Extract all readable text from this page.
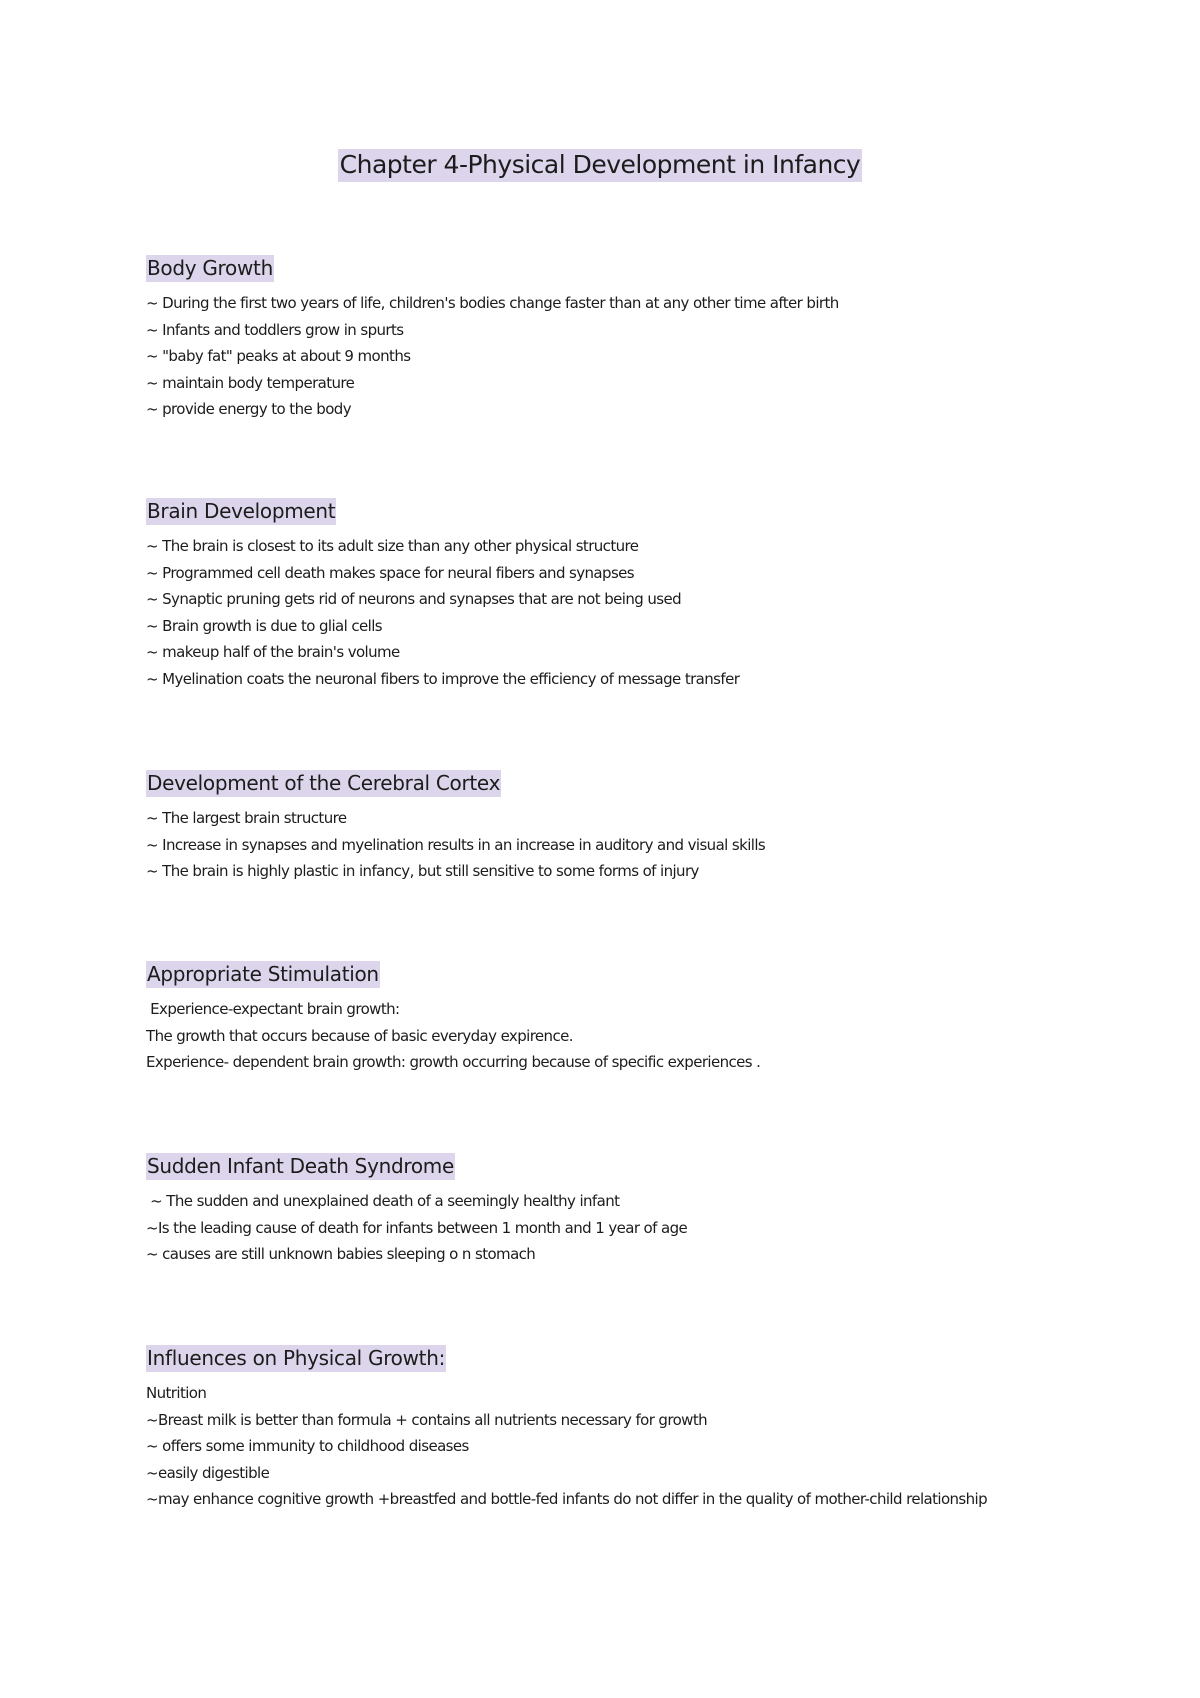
Chapter 4-Physical Development in Infancy
Body Growth
~ During the first two years of life, children's bodies change faster than at any other time after birth
~ Infants and toddlers grow in spurts
~ "baby fat" peaks at about 9 months
~ maintain body temperature
~ provide energy to the body
Brain Development
~ The brain is closest to its adult size than any other physical structure
~ Programmed cell death makes space for neural fibers and synapses
~ Synaptic pruning gets rid of neurons and synapses that are not being used
~ Brain growth is due to glial cells
~ makeup half of the brain's volume
~ Myelination coats the neuronal fibers to improve the efficiency of message transfer
Development of the Cerebral Cortex
~ The largest brain structure
~ Increase in synapses and myelination results in an increase in auditory and visual skills
~ The brain is highly plastic in infancy, but still sensitive to some forms of injury
Appropriate Stimulation
Experience-expectant brain growth:
The growth that occurs because of basic everyday expirence.
Experience- dependent brain growth: growth occurring because of specific experiences .
Sudden Infant Death Syndrome
~ The sudden and unexplained death of a seemingly healthy infant
~Is the leading cause of death for infants between 1 month and 1 year of age
~ causes are still unknown babies sleeping o n stomach
Influences on Physical Growth:
Nutrition
~Breast milk is better than formula + contains all nutrients necessary for growth
~ offers some immunity to childhood diseases
~easily digestible
~may enhance cognitive growth +breastfed and bottle-fed infants do not differ in the quality of mother-child relationship
